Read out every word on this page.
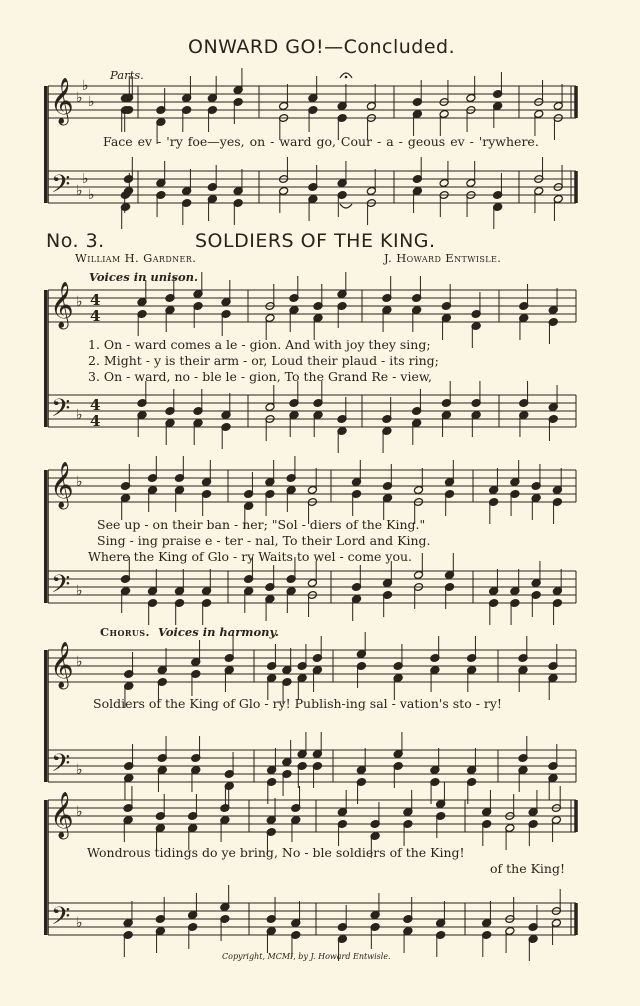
𝄞
𝄢
♭
♭
♭
♭
♭
♭
𝄞
𝄢
♭
♭
4
4
4
4
𝄞
𝄢
♭
♭
𝄞
𝄢
♭
♭
𝄞
𝄢
♭
♭
ONWARD GO!—Concluded.
Parts.
Face ev - 'ry foe—yes, on - ward go, Cour - a - geous ev - 'rywhere.
No. 3.	SOLDIERS OF THE KING.
William H. Gardner.	J. Howard Entwisle.
Voices in unison.
1. On - ward comes a le - gion. And with joy they sing;
2. Might - y is their arm - or, Loud their plaud - its ring;
3. On - ward, no - ble le - gion, To the Grand Re - view,
See up - on their ban - ner; "Sol - diers of the King."
Sing - ing praise e - ter - nal, To their Lord and King.
Where the King of Glo - ry Waits to wel - come you.
Chorus. Voices in harmony.
Soldiers of the King of Glo - ry! Publish-ing sal - vation's sto - ry!
Wondrous tidings do ye bring, No - ble soldiers of the King!
of the King!
Copyright, MCMI, by J. Howard Entwisle.
